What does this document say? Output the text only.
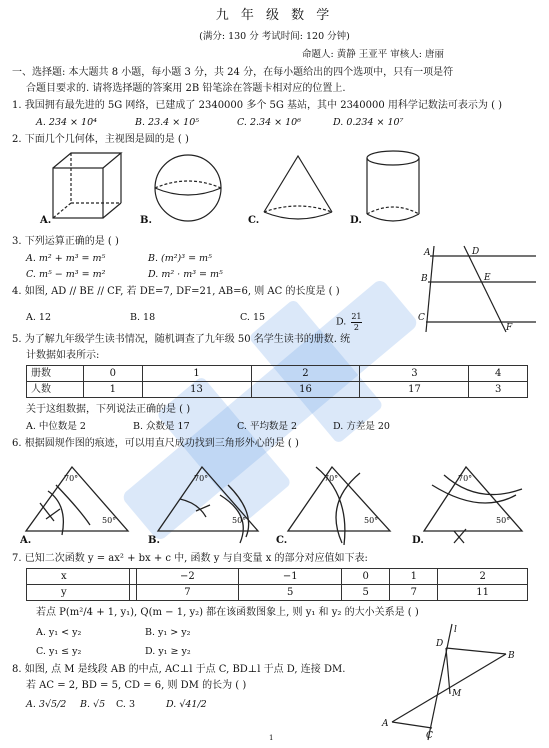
九 年 级 数 学
(满分: 130 分 考试时间: 120 分钟)
命题人: 黄静 王亚平 审核人: 唐丽
一、选择题: 本大题共 8 小题，每小题 3 分，共 24 分，在每小题给出的四个选项中，只有一项是符
合题目要求的. 请将选择题的答案用 2B 铅笔涂在答题卡相对应的位置上.
1. 我国拥有最先进的 5G 网络，已建成了 2340000 多个 5G 基站，其中 2340000 用科学记数法可表示为 ( )
A. 234 × 10⁴	B. 23.4 × 10⁵	C. 2.34 × 10⁶	D. 0.234 × 10⁷
2. 下面几个几何体，主视图是圆的是 ( )
A.	B.	C.	D.
3. 下列运算正确的是 ( )
A. m² + m³ = m⁵	B. (m²)³ = m⁵
C. m⁵ − m³ = m²	D. m² · m³ = m⁵
4. 如图, AD // BE // CF, 若 DE=7, DF=21, AB=6, 则 AC 的长度是 ( )
A. 12	B. 18	C. 15	D. $\frac{21}{2}$
A	D
B	E
C
F
5. 为了解九年级学生读书情况，随机调查了九年级 50 名学生读书的册数. 统
计数据如表所示:
册数	0	1	2	3	4
人数	1	13	16	17	3
关于这组数据，下列说法正确的是 ( )
A. 中位数是 2	B. 众数是 17	C. 平均数是 2	D. 方差是 20
6. 根据圆规作图的痕迹，可以用直尺成功找到三角形外心的是 ( )
70°
50°
70°
50°
70°
50°
70°
50°
A.	B.	C.	D.
7. 已知二次函数 y = ax² + bx + c 中, 函数 y 与自变量 x 的部分对应值如下表:
x		−2	−1	0	1	2
y		7	5	5	7	11
若点 P(m²/4 + 1, y₁), Q(m − 1, y₂) 都在该函数图象上, 则 y₁ 和 y₂ 的大小关系是 ( )
A. y₁ < y₂	B. y₁ > y₂
C. y₁ ≤ y₂	D. y₁ ≥ y₂
8. 如图, 点 M 是线段 AB 的中点, AC⊥l 于点 C, BD⊥l 于点 D, 连接 DM.
若 AC = 2, BD = 5, CD = 6, 则 DM 的长为 ( )
A. 3√5/2 B. √5 C. 3	D. √41/2
l
D
B
M
A
C
1
